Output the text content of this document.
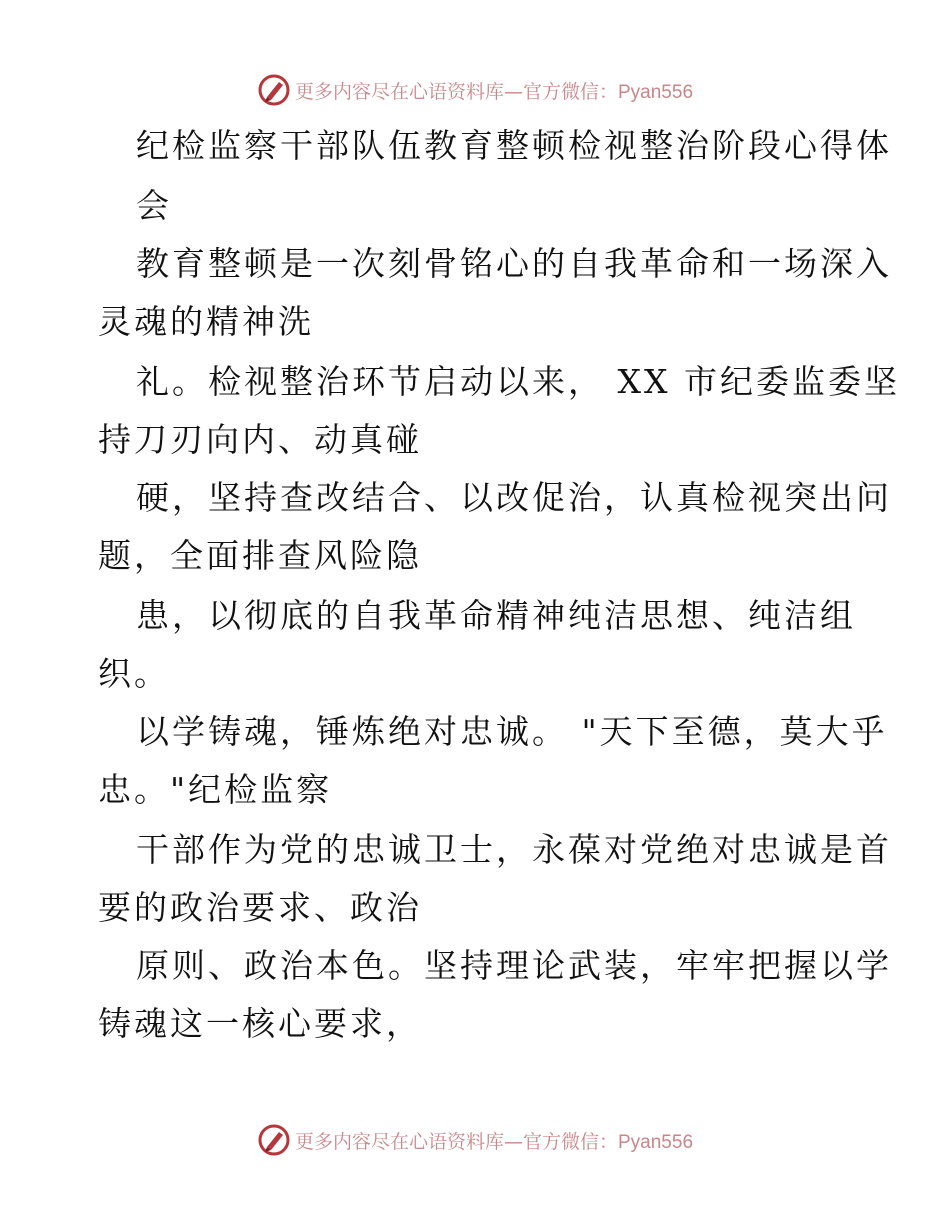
更多内容尽在心语资料库—官方微信：Pyan556
纪检监察干部队伍教育整顿检视整治阶段心得体
会
教育整顿是一次刻骨铭心的自我革命和一场深入
灵魂的精神洗
礼。检视整治环节启动以来， XX 市纪委监委坚
持刀刃向内、动真碰
硬，坚持查改结合、以改促治，认真检视突出问
题，全面排查风险隐
患，以彻底的自我革命精神纯洁思想、纯洁组
织。
以学铸魂，锤炼绝对忠诚。 "天下至德，莫大乎
忠。"纪检监察
干部作为党的忠诚卫士，永葆对党绝对忠诚是首
要的政治要求、政治
原则、政治本色。坚持理论武装，牢牢把握以学
铸魂这一核心要求，
更多内容尽在心语资料库—官方微信：Pyan556
